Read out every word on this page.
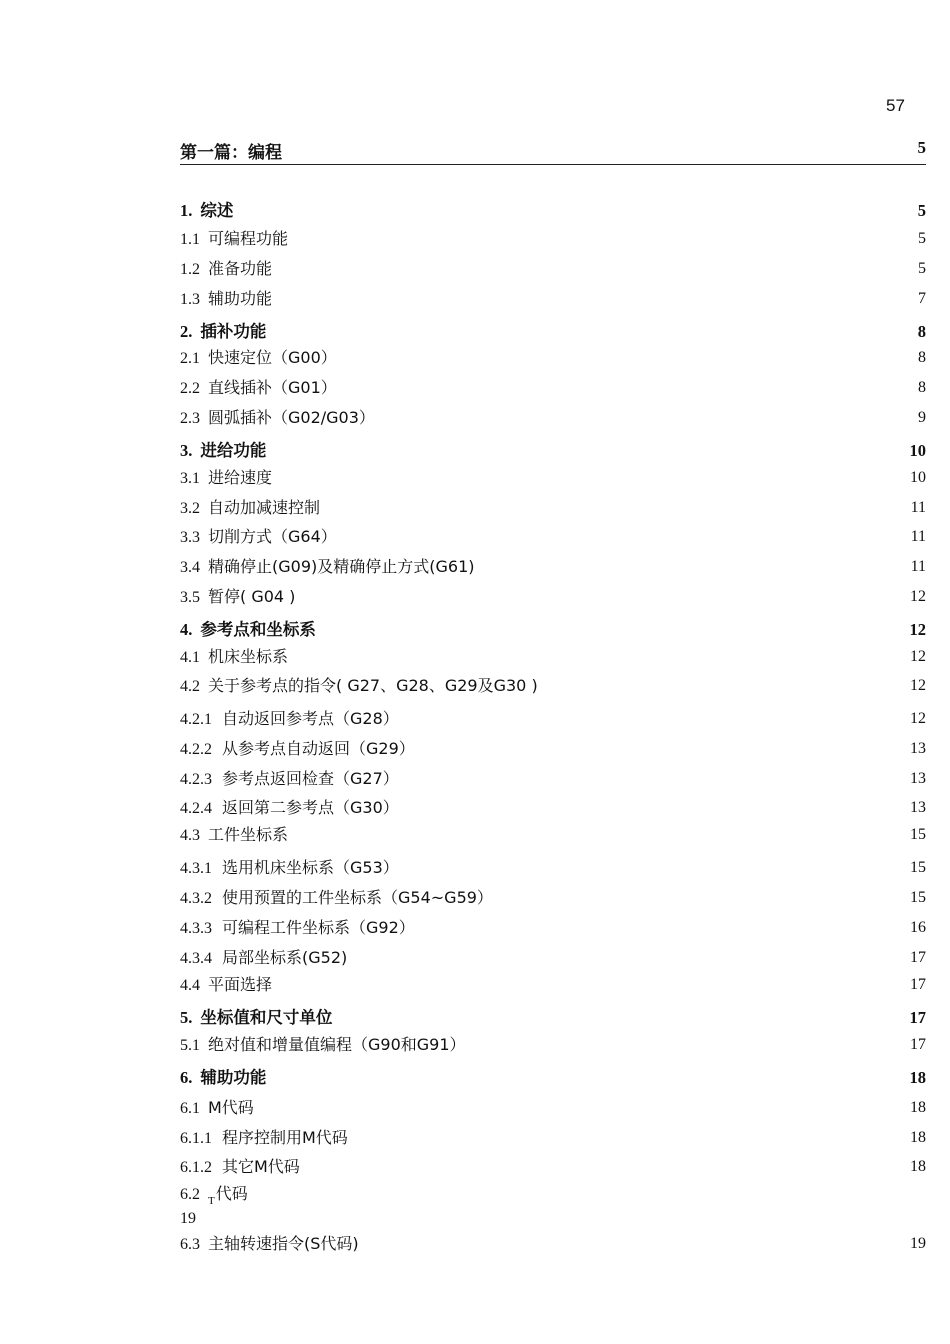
57
第一篇：编程	5
1. 综述	5
1.1 可编程功能	5
1.2 准备功能	5
1.3 辅助功能	7
2. 插补功能	8
2.1 快速定位（G00）	8
2.2 直线插补（G01）	8
2.3 圆弧插补（G02/G03）	9
3. 进给功能	10
3.1 进给速度	10
3.2 自动加减速控制	11
3.3 切削方式（G64）	11
3.4 精确停止(G09)及精确停止方式(G61)	11
3.5 暂停( G04 )	12
4. 参考点和坐标系	12
4.1 机床坐标系	12
4.2 关于参考点的指令( G27、G28、G29及G30 )	12
4.2.1 自动返回参考点（G28）	12
4.2.2 从参考点自动返回（G29）	13
4.2.3 参考点返回检查（G27）	13
4.2.4 返回第二参考点（G30）	13
4.3 工件坐标系	15
4.3.1 选用机床坐标系（G53）	15
4.3.2 使用预置的工件坐标系（G54~G59）	15
4.3.3 可编程工件坐标系（G92）	16
4.3.4 局部坐标系(G52)	17
4.4 平面选择	17
5. 坐标值和尺寸单位	17
5.1 绝对值和增量值编程（G90和G91）	17
6. 辅助功能	18
6.1 M代码	18
6.1.1 程序控制用M代码	18
6.1.2 其它M代码	18
6.2 $_T$代码
19
6.3 主轴转速指令(S代码)	19
